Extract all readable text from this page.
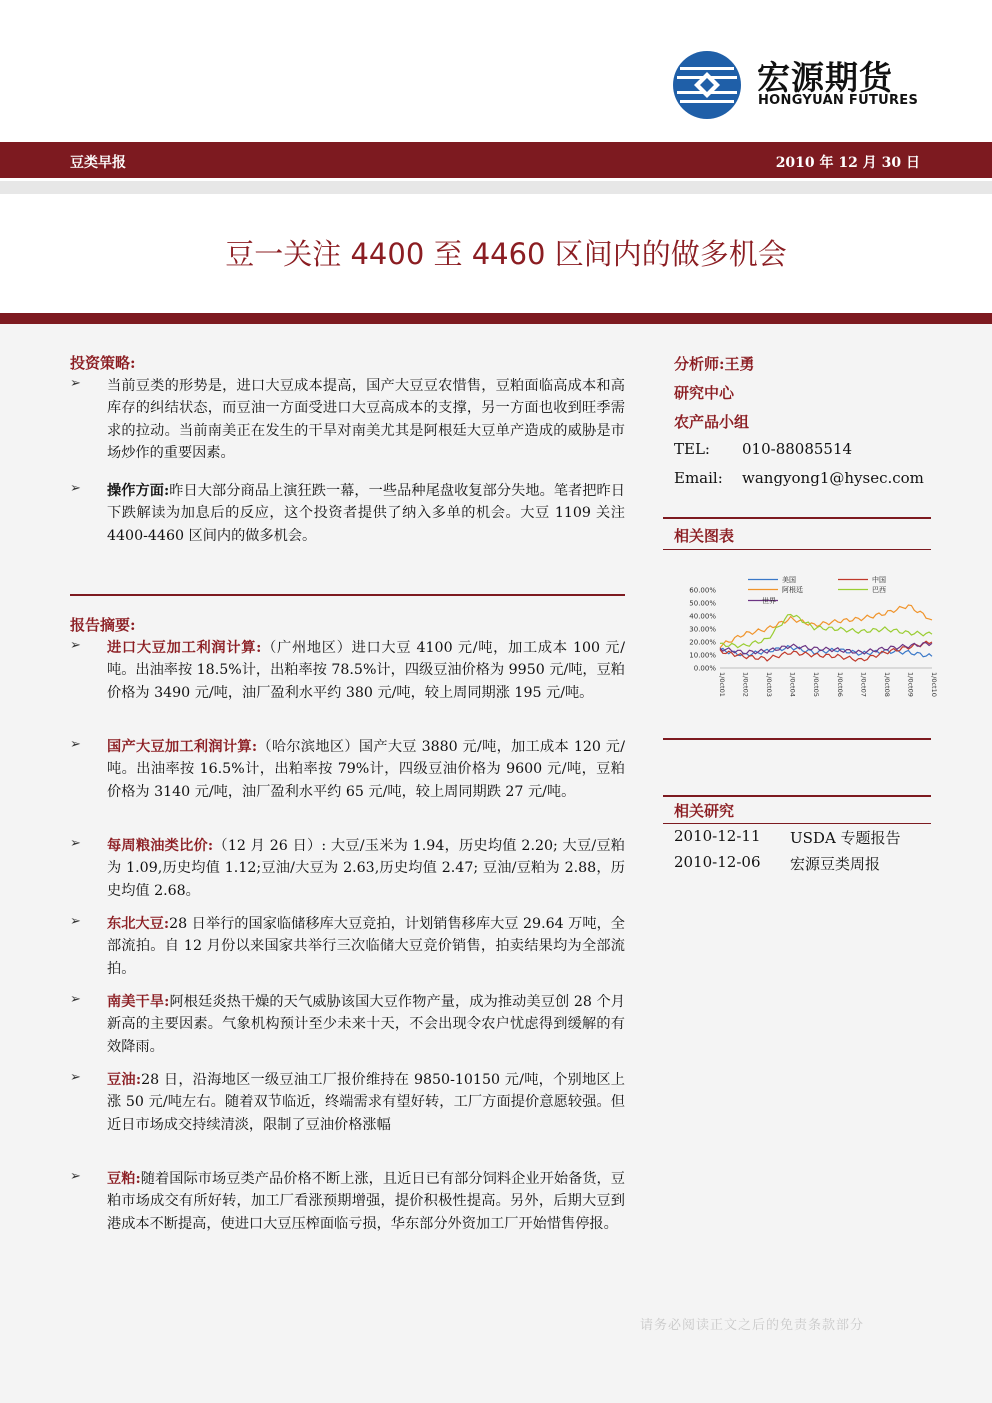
宏源期货
HONGYUAN FUTURES
豆类早报	2010 年 12 月 30 日
豆一关注 4400 至 4460 区间内的做多机会
投资策略:
➢ 当前豆类的形势是，进口大豆成本提高，国产大豆豆农惜售，豆粕面临高成本和高库存的纠结状态，而豆油一方面受进口大豆高成本的支撑，另一方面也收到旺季需求的拉动。当前南美正在发生的干旱对南美尤其是阿根廷大豆单产造成的威胁是市场炒作的重要因素。
➢ 操作方面:昨日大部分商品上演狂跌一幕，一些品种尾盘收复部分失地。笔者把昨日下跌解读为加息后的反应，这个投资者提供了纳入多单的机会。大豆 1109 关注 4400-4460 区间内的做多机会。
报告摘要:
➢ 进口大豆加工利润计算:（广州地区）进口大豆 4100 元/吨，加工成本 100 元/吨。出油率按 18.5%计，出粕率按 78.5%计，四级豆油价格为 9950 元/吨，豆粕价格为 3490 元/吨，油厂盈利水平约 380 元/吨，较上周同期涨 195 元/吨。
➢ 国产大豆加工利润计算:（哈尔滨地区）国产大豆 3880 元/吨，加工成本 120 元/吨。出油率按 16.5%计，出粕率按 79%计，四级豆油价格为 9600 元/吨，豆粕价格为 3140 元/吨，油厂盈利水平约 65 元/吨，较上周同期跌 27 元/吨。
➢ 每周粮油类比价:（12 月 26 日）: 大豆/玉米为 1.94，历史均值 2.20; 大豆/豆粕为 1.09,历史均值 1.12;豆油/大豆为 2.63,历史均值 2.47; 豆油/豆粕为 2.88，历史均值 2.68。
➢ 东北大豆:28 日举行的国家临储移库大豆竞拍，计划销售移库大豆 29.64 万吨，全部流拍。自 12 月份以来国家共举行三次临储大豆竞价销售，拍卖结果均为全部流拍。
➢ 南美干旱:阿根廷炎热干燥的天气威胁该国大豆作物产量，成为推动美豆创 28 个月新高的主要因素。气象机构预计至少未来十天，不会出现令农户忧虑得到缓解的有效降雨。
➢ 豆油:28 日，沿海地区一级豆油工厂报价维持在 9850-10150 元/吨，个别地区上涨 50 元/吨左右。随着双节临近，终端需求有望好转，工厂方面提价意愿较强。但近日市场成交持续清淡，限制了豆油价格涨幅
➢ 豆粕:随着国际市场豆类产品价格不断上涨，且近日已有部分饲料企业开始备货，豆粕市场成交有所好转，加工厂看涨预期增强，提价积极性提高。另外，后期大豆到港成本不断提高，使进口大豆压榨面临亏损，华东部分外资加工厂开始惜售停报。
分析师:王勇
研究中心
农产品小组
TEL: 010-88085514
Email: wangyong1@hysec.com
相关图表
60.00%
50.00%
40.00%
30.00%
20.00%
10.00%
0.00%
1/0ct01 1/0ct02 1/0ct03 1/0ct04 1/0ct05 1/0ct06 1/0ct07 1/0ct08 1/0ct09 1/0ct10
美国	中国
阿根廷	巴西
世界
相关研究
2010-12-11 USDA 专题报告
2010-12-06 宏源豆类周报
请务必阅读正文之后的免责条款部分
